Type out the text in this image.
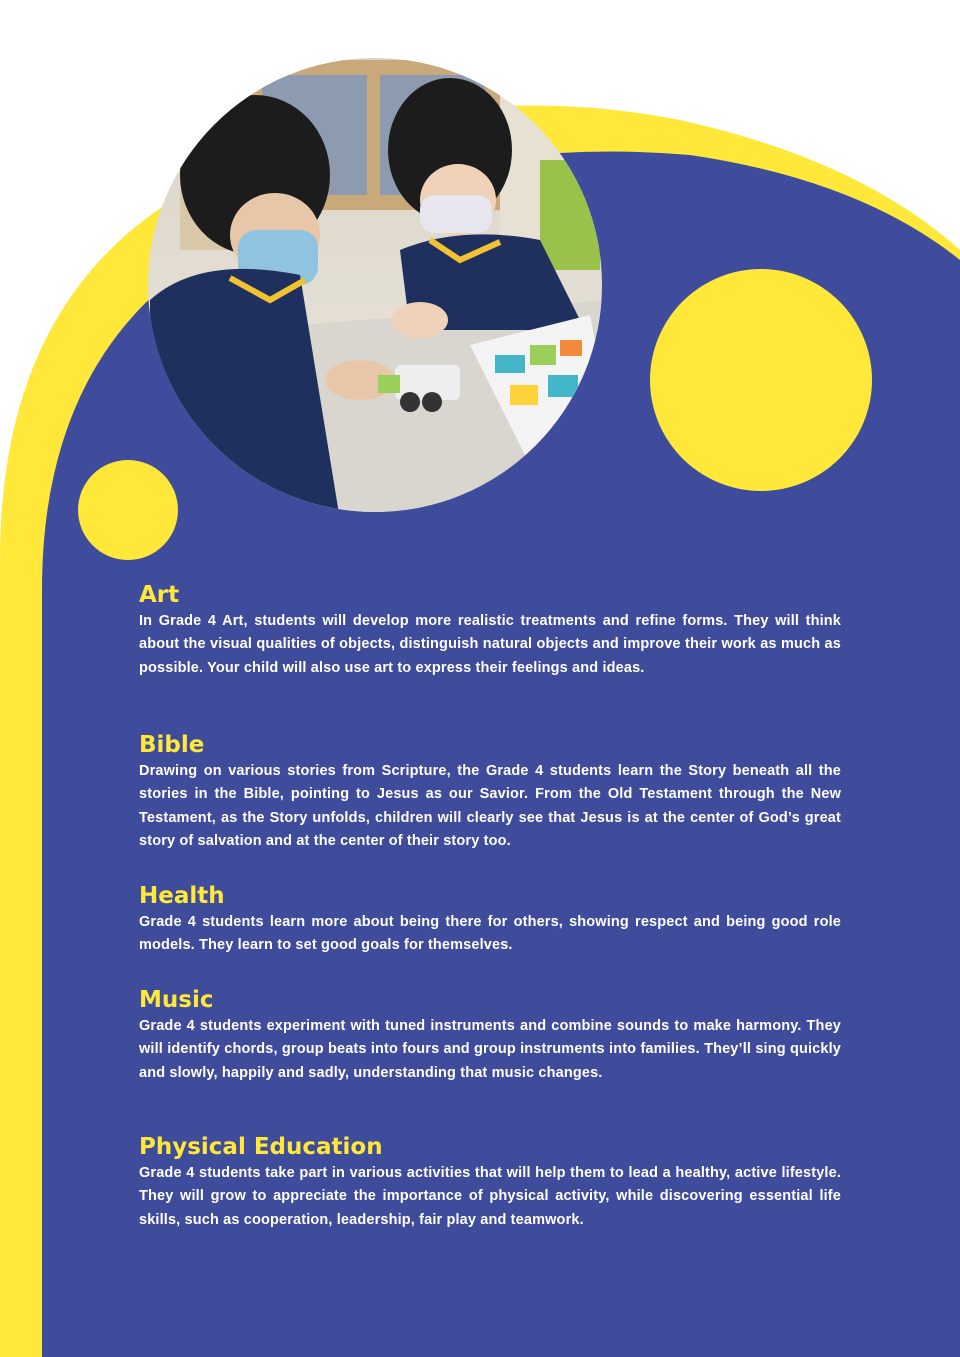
Art

In Grade 4 Art, students will develop more realistic treatments and refine forms. They will think about the visual qualities of objects, distinguish natural objects and improve their work as much as possible. Your child will also use art to express their feelings and ideas.

Bible

Drawing on various stories from Scripture, the Grade 4 students learn the Story beneath all the stories in the Bible, pointing to Jesus as our Savior. From the Old Testament through the New Testament, as the Story unfolds, children will clearly see that Jesus is at the center of God’s great story of salvation and at the center of their story too.

Health

Grade 4 students learn more about being there for others, showing respect and being good role models. They learn to set good goals for themselves.

Music

Grade 4 students experiment with tuned instruments and combine sounds to make harmony. They will identify chords, group beats into fours and group instruments into families. They’ll sing quickly and slowly, happily and sadly, understanding that music changes.

Physical Education

Grade 4 students take part in various activities that will help them to lead a healthy, active lifestyle. They will grow to appreciate the importance of physical activity, while discovering essential life skills, such as cooperation, leadership, fair play and teamwork.
